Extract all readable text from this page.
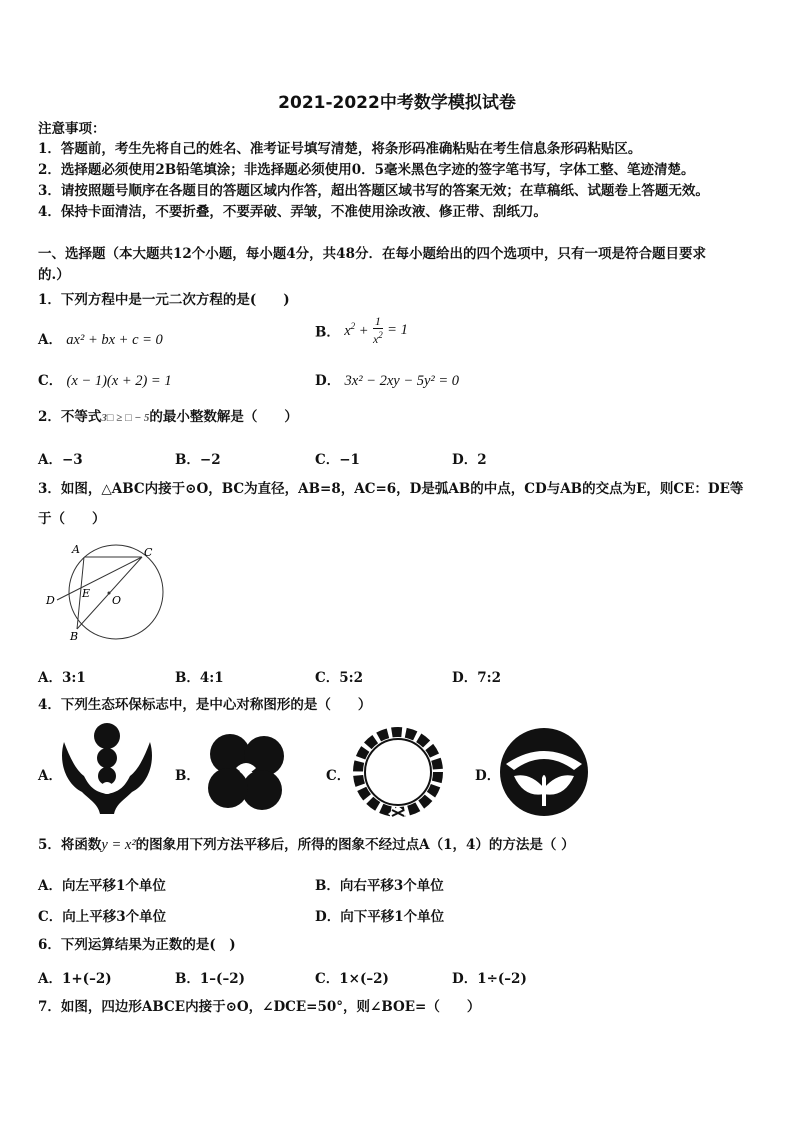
2021-2022中考数学模拟试卷
注意事项：
1．答题前，考生先将自己的姓名、准考证号填写清楚，将条形码准确粘贴在考生信息条形码粘贴区。
2．选择题必须使用2B铅笔填涂；非选择题必须使用0．5毫米黑色字迹的签字笔书写，字体工整、笔迹清楚。
3．请按照题号顺序在各题目的答题区域内作答，超出答题区域书写的答案无效；在草稿纸、试题卷上答题无效。
4．保持卡面清洁，不要折叠，不要弄破、弄皱，不准使用涂改液、修正带、刮纸刀。
一、选择题（本大题共12个小题，每小题4分，共48分．在每小题给出的四个选项中，只有一项是符合题目要求
的.）
1．下列方程中是一元二次方程的是(　　)
A． ax² + bx + c = 0	B． $x^2 + \frac{1}{x^2} = 1$
C． (x − 1)(x + 2) = 1	D． 3x² − 2xy − 5y² = 0
2．不等式3□ ≥ □ − 5的最小整数解是（　　）
A．−3	B．−2	C．−1	D．2
3．如图，△ABC内接于⊙O，BC为直径，AB=8，AC=6，D是弧AB的中点，CD与AB的交点为E，则CE：DE等
于（　　）
A	C
D
E
O
B
A．3:1	B．4:1	C．5:2	D．7:2
4．下列生态环保标志中，是中心对称图形的是（　　）
A．	B．	C．	D．
5．将函数y = x²的图象用下列方法平移后，所得的图象不经过点A（1，4）的方法是（ ）
A．向左平移1个单位	B．向右平移3个单位
C．向上平移3个单位	D．向下平移1个单位
6．下列运算结果为正数的是(　)
A．1+(–2)	B．1–(–2)	C．1×(–2)	D．1÷(–2)
7．如图，四边形ABCE内接于⊙O，∠DCE=50°，则∠BOE=（　　）
